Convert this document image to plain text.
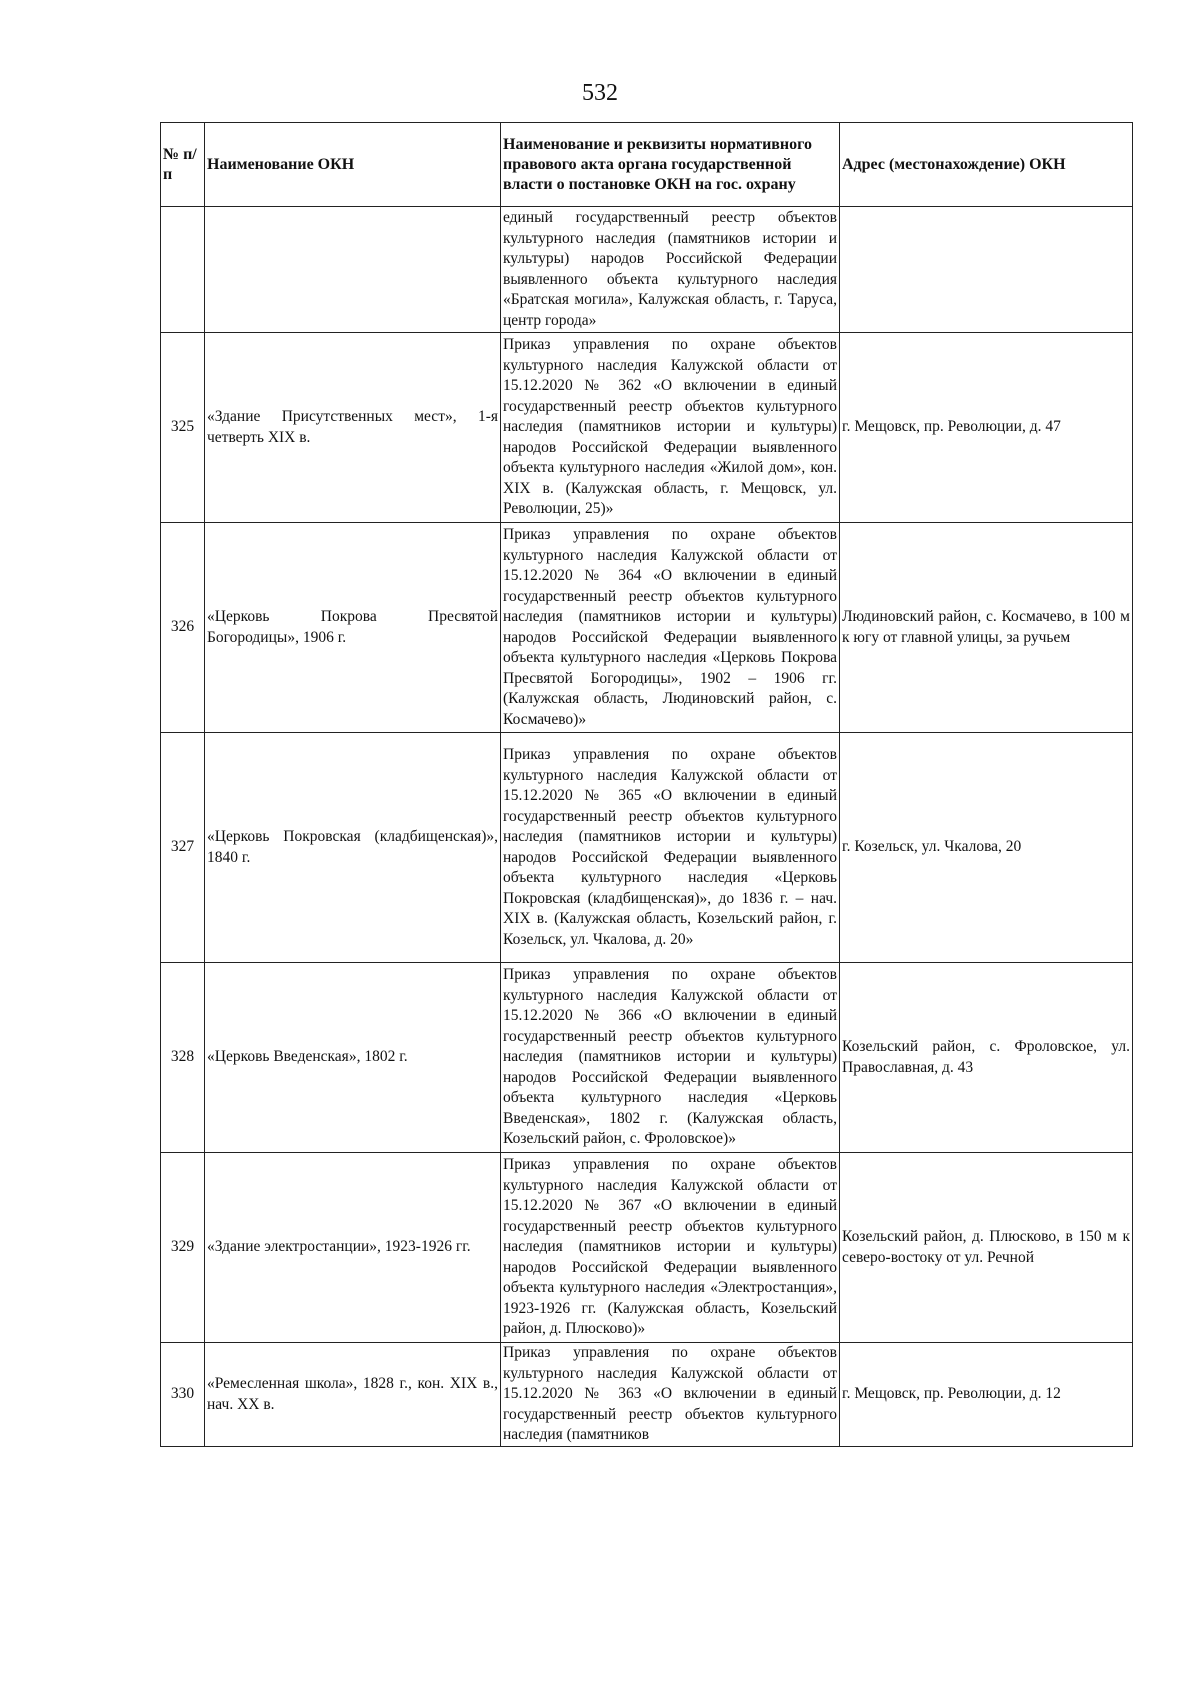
532
№ п/п	Наименование ОКН	Наименование и реквизиты нормативного правового акта органа государственной власти о постановке ОКН на гос. охрану	Адрес (местонахождение) ОКН
		единый государственный реестр объектов культурного наследия (памятников истории и культуры) народов Российской Федерации выявленного объекта культурного наследия «Братская могила», Калужская область, г. Таруса, центр города»	
325	«Здание Присутственных мест», 1-я четверть XIX в.	Приказ управления по охране объектов культурного наследия Калужской области от 15.12.2020 № 362 «О включении в единый государственный реестр объектов культурного наследия (памятников истории и культуры) народов Российской Федерации выявленного объекта культурного наследия «Жилой дом», кон. XIX в. (Калужская область, г. Мещовск, ул. Революции, 25)»	г. Мещовск, пр. Революции, д. 47
326	«Церковь Покрова Пресвятой Богородицы», 1906 г.	Приказ управления по охране объектов культурного наследия Калужской области от 15.12.2020 № 364 «О включении в единый государственный реестр объектов культурного наследия (памятников истории и культуры) народов Российской Федерации выявленного объекта культурного наследия «Церковь Покрова Пресвятой Богородицы», 1902 – 1906 гг. (Калужская область, Людиновский район, с. Космачево)»	Людиновский район, с. Космачево, в 100 м к югу от главной улицы, за ручьем
327	«Церковь Покровская (кладбищенская)», 1840 г.	Приказ управления по охране объектов культурного наследия Калужской области от 15.12.2020 № 365 «О включении в единый государственный реестр объектов культурного наследия (памятников истории и культуры) народов Российской Федерации выявленного объекта культурного наследия «Церковь Покровская (кладбищенская)», до 1836 г. – нач. XIX в. (Калужская область, Козельский район, г. Козельск, ул. Чкалова, д. 20»	г. Козельск, ул. Чкалова, 20
328	«Церковь Введенская», 1802 г.	Приказ управления по охране объектов культурного наследия Калужской области от 15.12.2020 № 366 «О включении в единый государственный реестр объектов культурного наследия (памятников истории и культуры) народов Российской Федерации выявленного объекта культурного наследия «Церковь Введенская», 1802 г. (Калужская область, Козельский район, с. Фроловское)»	Козельский район, с. Фроловское, ул. Православная, д. 43
329	«Здание электростанции», 1923-1926 гг.	Приказ управления по охране объектов культурного наследия Калужской области от 15.12.2020 № 367 «О включении в единый государственный реестр объектов культурного наследия (памятников истории и культуры) народов Российской Федерации выявленного объекта культурного наследия «Электростанция», 1923-1926 гг. (Калужская область, Козельский район, д. Плюсково)»	Козельский район, д. Плюсково, в 150 м к северо-востоку от ул. Речной
330	«Ремесленная школа», 1828 г., кон. XIX в., нач. XX в.	Приказ управления по охране объектов культурного наследия Калужской области от 15.12.2020 № 363 «О включении в единый государственный реестр объектов культурного наследия (памятников	г. Мещовск, пр. Революции, д. 12
